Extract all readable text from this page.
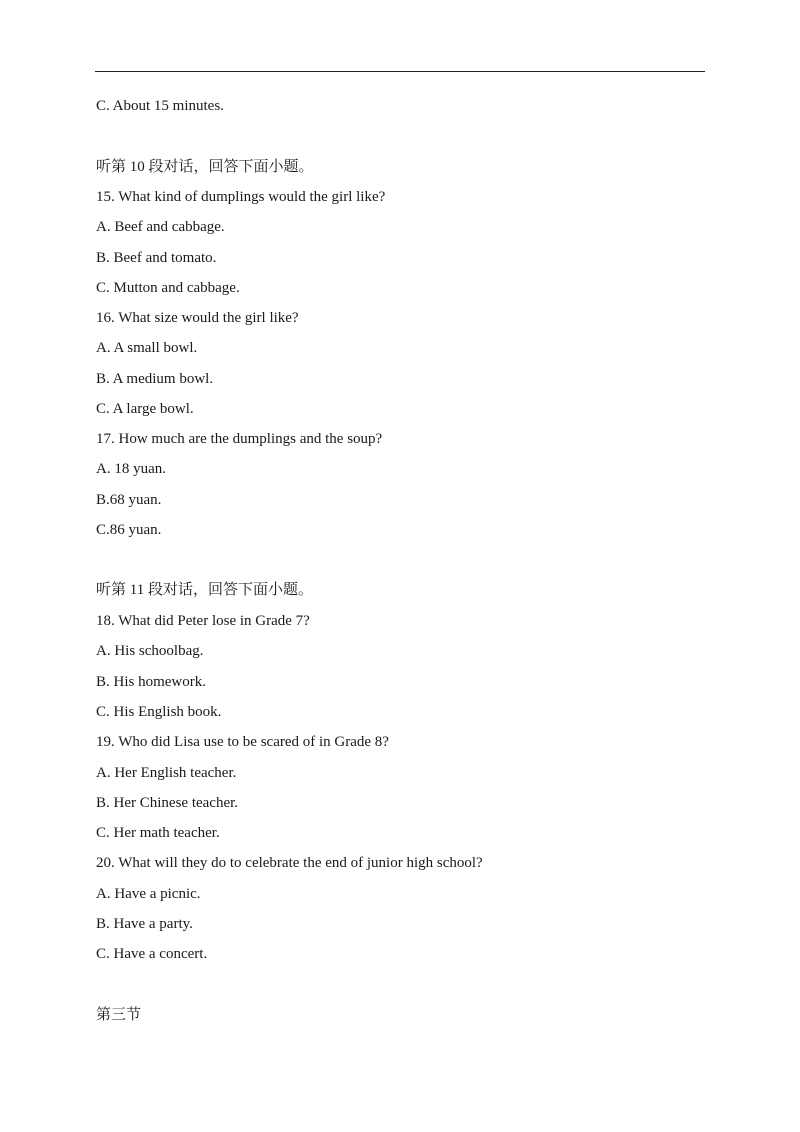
C. About 15 minutes.
听第 10 段对话，回答下面小题。
15. What kind of dumplings would the girl like?
A. Beef and cabbage.
B. Beef and tomato.
C. Mutton and cabbage.
16. What size would the girl like?
A. A small bowl.
B. A medium bowl.
C. A large bowl.
17. How much are the dumplings and the soup?
A. 18 yuan.
B.68 yuan.
C.86 yuan.
听第 11 段对话，回答下面小题。
18. What did Peter lose in Grade 7?
A. His schoolbag.
B. His homework.
C. His English book.
19. Who did Lisa use to be scared of in Grade 8?
A. Her English teacher.
B. Her Chinese teacher.
C. Her math teacher.
20. What will they do to celebrate the end of junior high school?
A. Have a picnic.
B. Have a party.
C. Have a concert.
第三节
